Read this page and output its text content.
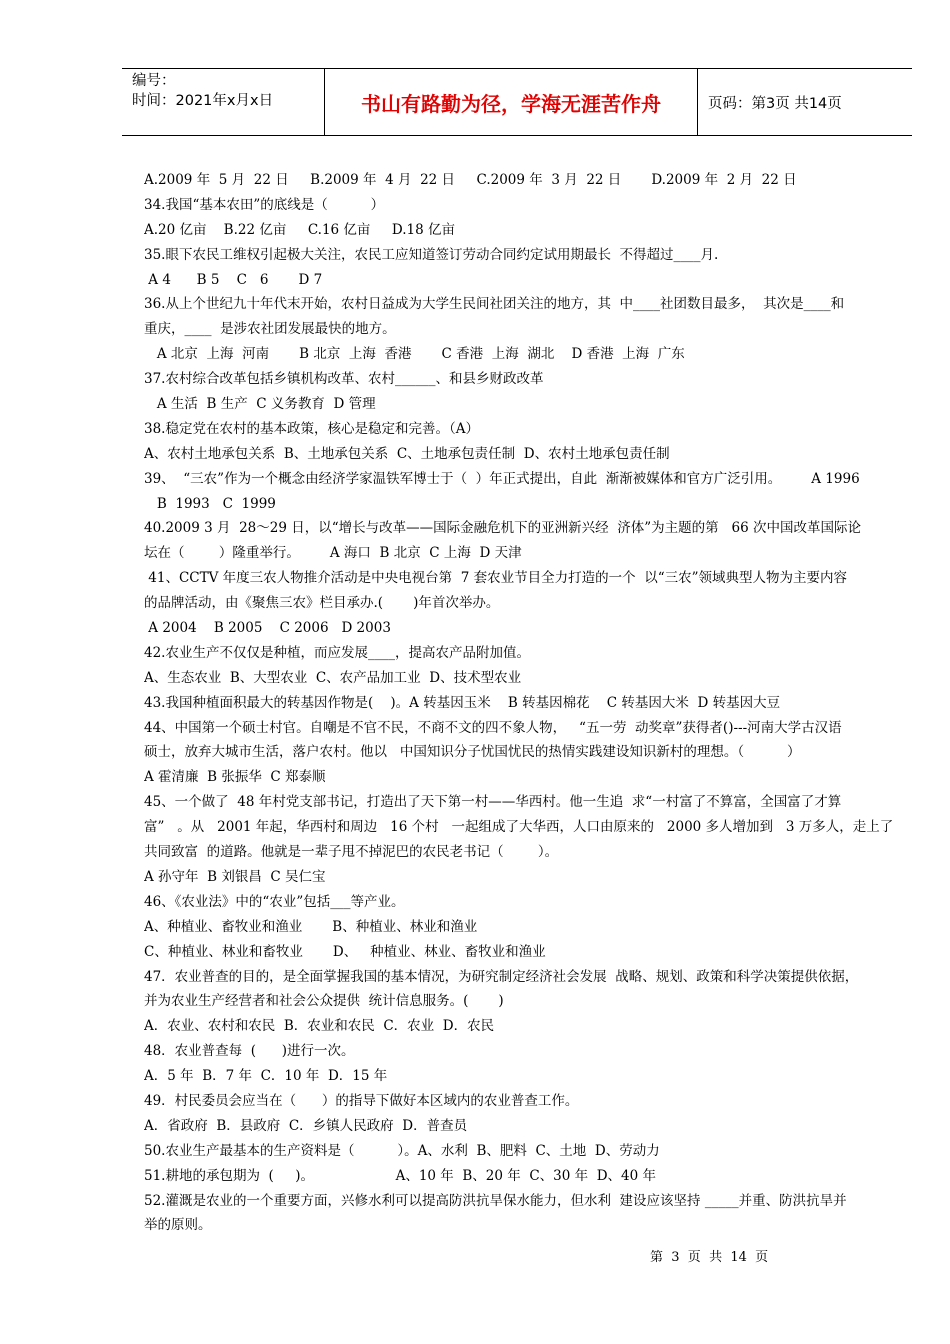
编号：
时间：2021年x月x日	书山有路勤为径，学海无涯苦作舟	页码：第3页 共14页
A.2009 年  5 月  22 日     B.2009 年  4 月  22 日     C.2009 年  3 月  22 日       D.2009 年  2 月  22 日
34.我国“基本农田”的底线是（          ）
A.20 亿亩    B.22 亿亩     C.16 亿亩     D.18 亿亩
35.眼下农民工维权引起极大关注，农民工应知道签订劳动合同约定试用期最长  不得超过____月.
A 4      B 5    C   6       D 7
36.从上个世纪九十年代末开始，农村日益成为大学生民间社团关注的地方，其  中____社团数目最多，  其次是____和
重庆，____  是涉农社团发展最快的地方。
A 北京  上海  河南       B 北京  上海  香港       C 香港  上海  湖北    D 香港  上海  广东
37.农村综合改革包括乡镇机构改革、农村______、和县乡财政改革
A 生活  B 生产  C 义务教育  D 管理
38.稳定党在农村的基本政策，核心是稳定和完善。（A）
A、农村土地承包关系  B、土地承包关系  C、土地承包责任制  D、农村土地承包责任制
39、  “三农”作为一个概念由经济学家温铁军博士于（  ）年正式提出，自此  渐渐被媒体和官方广泛引用。       A 1996
B  1993   C  1999
40.2009 3 月  28～29 日，以“增长与改革——国际金融危机下的亚洲新兴经  济体”为主题的第   66 次中国改革国际论
坛在（        ）隆重举行。       A 海口  B 北京  C 上海  D 天津
41、CCTV 年度三农人物推介活动是中央电视台第  7 套农业节目全力打造的一个  以“三农”领域典型人物为主要内容
的品牌活动，由《聚焦三农》栏目承办.(       )年首次举办。
A 2004    B 2005    C 2006   D 2003
42.农业生产不仅仅是种植，而应发展____，提高农产品附加值。
A、生态农业  B、大型农业  C、农产品加工业  D、技术型农业
43.我国种植面积最大的转基因作物是(    )。A 转基因玉米    B 转基因棉花    C 转基因大米  D 转基因大豆
44、中国第一个硕士村官。自嘲是不官不民，不商不文的四不象人物，   “五一劳  动奖章”获得者()---河南大学古汉语
硕士，放弃大城市生活，落户农村。他以   中国知识分子忧国忧民的热情实践建设知识新村的理想。（          ）
A 霍清廉  B 张振华  C 郑泰顺
45、一个做了  48 年村党支部书记，打造出了天下第一村——华西村。他一生追  求“一村富了不算富，全国富了才算
富”   。从   2001 年起，华西村和周边   16 个村   一起组成了大华西，人口由原来的   2000 多人增加到   3 万多人，走上了
共同致富  的道路。他就是一辈子甩不掉泥巴的农民老书记（        ）。
A 孙守年  B 刘银昌  C 吴仁宝
46、《农业法》中的“农业”包括___等产业。
A、种植业、畜牧业和渔业       B、种植业、林业和渔业
C、种植业、林业和畜牧业       D、   种植业、林业、畜牧业和渔业
47．农业普查的目的，是全面掌握我国的基本情况，为研究制定经济社会发展  战略、规划、政策和科学决策提供依据，
并为农业生产经营者和社会公众提供  统计信息服务。(       )
A．农业、农村和农民  B．农业和农民  C．农业  D．农民
48．农业普查每  (      )进行一次。
A．5 年  B．7 年  C．10 年  D．15 年
49．村民委员会应当在（      ）的指导下做好本区域内的农业普查工作。
A．省政府  B．县政府  C．乡镇人民政府  D．普查员
50.农业生产最基本的生产资料是（          ）。A、水利  B、肥料  C、土地  D、劳动力
51.耕地的承包期为  (     )。                   A、10 年  B、20 年  C、30 年  D、40 年
52.灌溉是农业的一个重要方面，兴修水利可以提高防洪抗旱保水能力，但水利  建设应该坚持 _____并重、防洪抗旱并
举的原则。
第  3  页  共  14  页
